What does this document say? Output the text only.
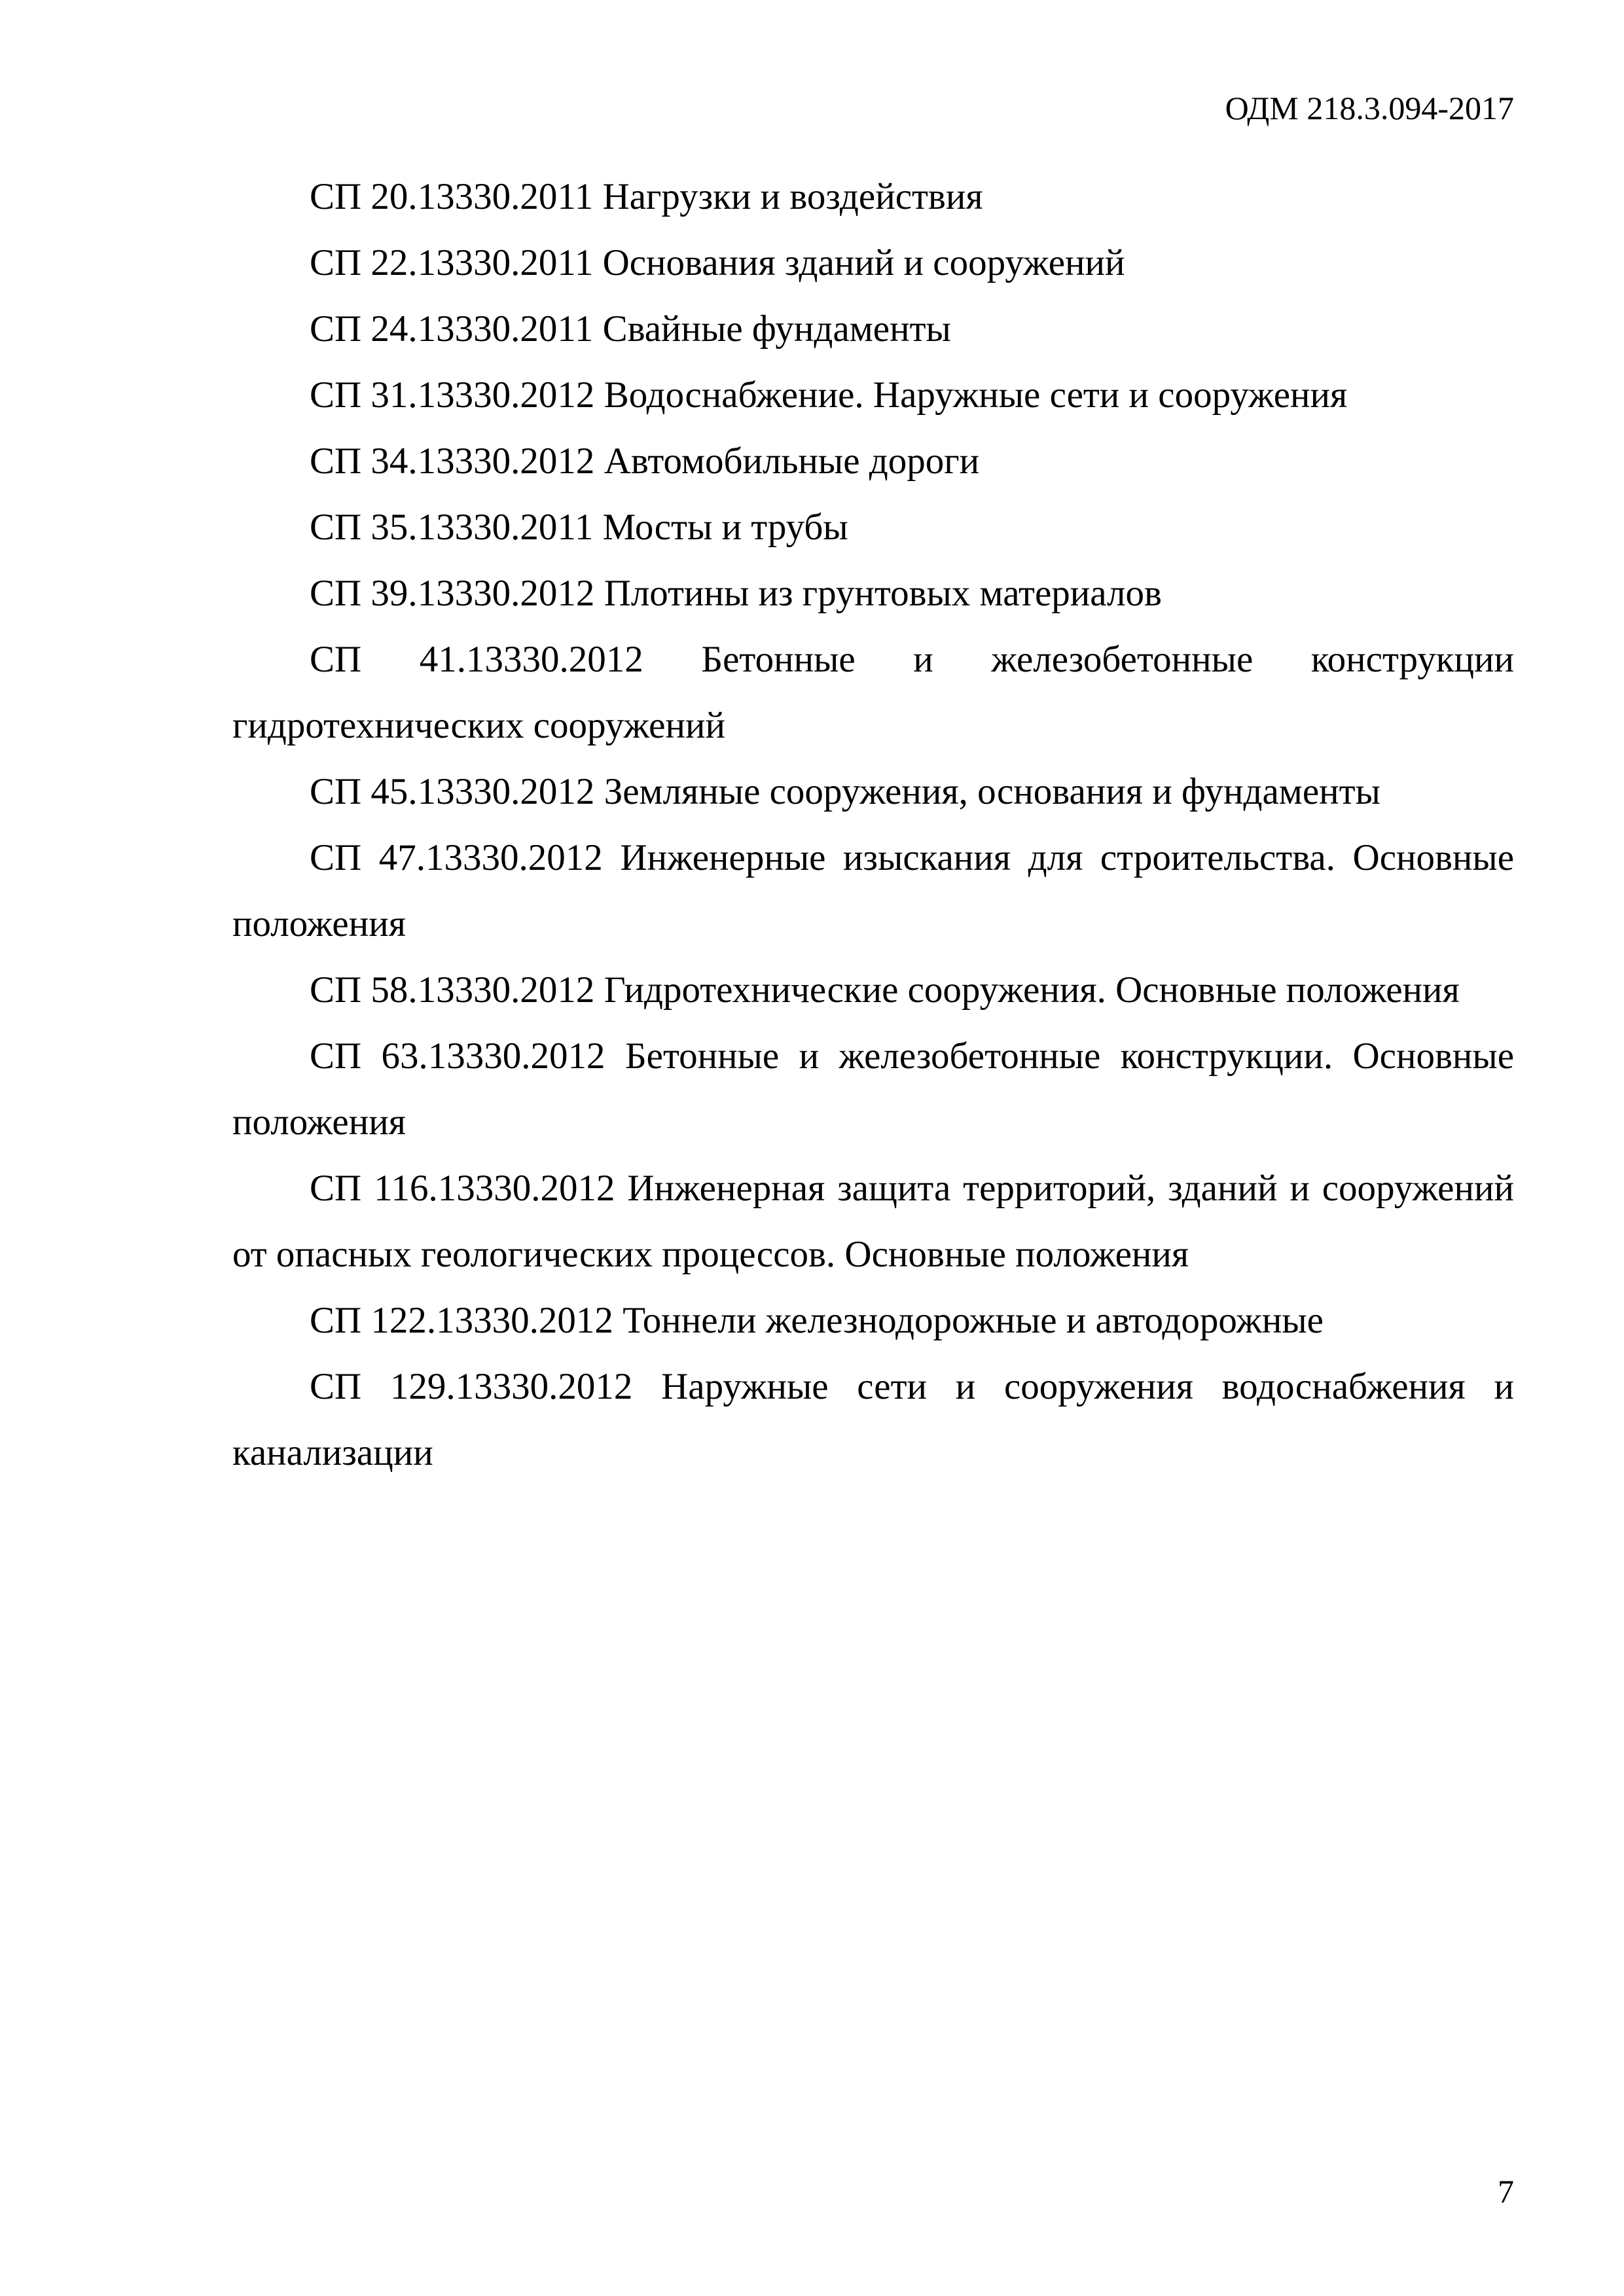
ОДМ 218.3.094-2017

СП 20.13330.2011 Нагрузки и воздействия

СП 22.13330.2011 Основания зданий и сооружений

СП 24.13330.2011 Свайные фундаменты

СП 31.13330.2012 Водоснабжение. Наружные сети и сооружения

СП 34.13330.2012 Автомобильные дороги

СП 35.13330.2011 Мосты и трубы

СП 39.13330.2012 Плотины из грунтовых материалов

СП 41.13330.2012 Бетонные и железобетонные конструкции гидротехнических сооружений

СП 45.13330.2012 Земляные сооружения, основания и фундаменты

СП 47.13330.2012 Инженерные изыскания для строительства. Основные положения

СП 58.13330.2012 Гидротехнические сооружения. Основные положения

СП 63.13330.2012 Бетонные и железобетонные конструкции. Основные положения

СП 116.13330.2012 Инженерная защита территорий, зданий и сооружений от опасных геологических процессов. Основные положения

СП 122.13330.2012 Тоннели железнодорожные и автодорожные

СП 129.13330.2012 Наружные сети и сооружения водоснабжения и канализации

7
